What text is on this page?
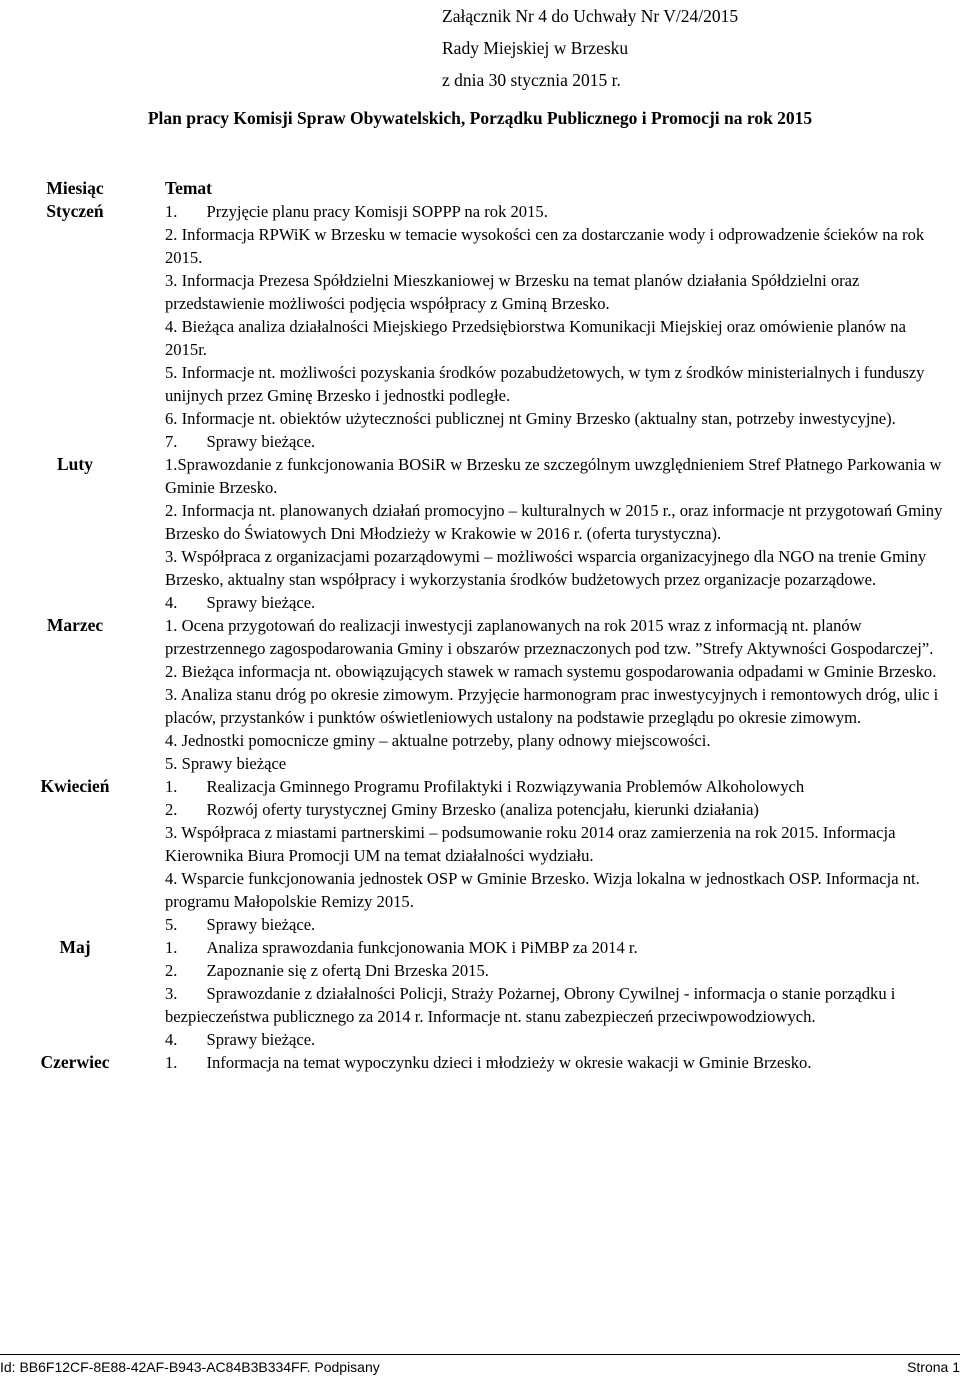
Załącznik Nr 4 do Uchwały Nr V/24/2015
Rady Miejskiej w Brzesku
z dnia 30 stycznia 2015 r.
Plan pracy Komisji Spraw Obywatelskich, Porządku Publicznego i Promocji na rok 2015
Miesiąc	Temat
Styczeń	1.       Przyjęcie planu pracy Komisji SOPPP na rok 2015.
2. Informacja RPWiK w Brzesku w temacie wysokości cen za dostarczanie wody i odprowadzenie ścieków na rok 2015.
3. Informacja Prezesa Spółdzielni Mieszkaniowej w Brzesku na temat planów działania Spółdzielni oraz przedstawienie możliwości podjęcia współpracy z Gminą Brzesko.
4. Bieżąca analiza działalności Miejskiego Przedsiębiorstwa Komunikacji Miejskiej oraz omówienie planów na 2015r.
5. Informacje nt. możliwości pozyskania środków pozabudżetowych, w tym z środków ministerialnych i funduszy unijnych przez Gminę Brzesko i jednostki podległe.
6. Informacje nt. obiektów użyteczności publicznej nt Gminy Brzesko (aktualny stan, potrzeby inwestycyjne).
7.       Sprawy bieżące.
Luty	1.Sprawozdanie z funkcjonowania BOSiR w Brzesku ze szczególnym uwzględnieniem Stref Płatnego Parkowania w Gminie Brzesko.
2. Informacja nt. planowanych działań promocyjno – kulturalnych w 2015 r., oraz informacje nt przygotowań Gminy Brzesko do Światowych Dni Młodzieży w Krakowie w 2016 r. (oferta turystyczna).
3. Współpraca z organizacjami pozarządowymi – możliwości wsparcia organizacyjnego dla NGO na trenie Gminy Brzesko, aktualny stan współpracy i wykorzystania środków budżetowych przez organizacje pozarządowe.
4.       Sprawy bieżące.
Marzec	1. Ocena przygotowań do realizacji inwestycji zaplanowanych na rok 2015 wraz z informacją nt. planów przestrzennego zagospodarowania Gminy i obszarów przeznaczonych pod tzw. ”Strefy Aktywności Gospodarczej”.
2. Bieżąca informacja nt. obowiązujących stawek w ramach systemu gospodarowania odpadami w Gminie Brzesko.
3. Analiza stanu dróg po okresie zimowym. Przyjęcie harmonogram prac inwestycyjnych i remontowych dróg, ulic i placów, przystanków i punktów oświetleniowych ustalony na podstawie przeglądu po okresie zimowym.
4. Jednostki pomocnicze gminy – aktualne potrzeby, plany odnowy miejscowości.
5. Sprawy bieżące
Kwiecień	1.       Realizacja Gminnego Programu Profilaktyki i Rozwiązywania Problemów Alkoholowych
2.       Rozwój oferty turystycznej Gminy Brzesko (analiza potencjału, kierunki działania)
3. Współpraca z miastami partnerskimi – podsumowanie roku 2014 oraz zamierzenia na rok 2015. Informacja Kierownika Biura Promocji UM na temat działalności wydziału.
4. Wsparcie funkcjonowania jednostek OSP w Gminie Brzesko. Wizja lokalna w jednostkach OSP. Informacja nt. programu Małopolskie Remizy 2015.
5.       Sprawy bieżące.
Maj	1.       Analiza sprawozdania funkcjonowania MOK i PiMBP za 2014 r.
2.       Zapoznanie się z ofertą Dni Brzeska 2015.
3.       Sprawozdanie z działalności Policji, Straży Pożarnej, Obrony Cywilnej - informacja o stanie porządku i bezpieczeństwa publicznego za 2014 r. Informacje nt. stanu zabezpieczeń przeciwpowodziowych.
4.       Sprawy bieżące.
Czerwiec	1.       Informacja na temat wypoczynku dzieci i młodzieży w okresie wakacji w Gminie Brzesko.
Id: BB6F12CF-8E88-42AF-B943-AC84B3B334FF. Podpisany	Strona 1
